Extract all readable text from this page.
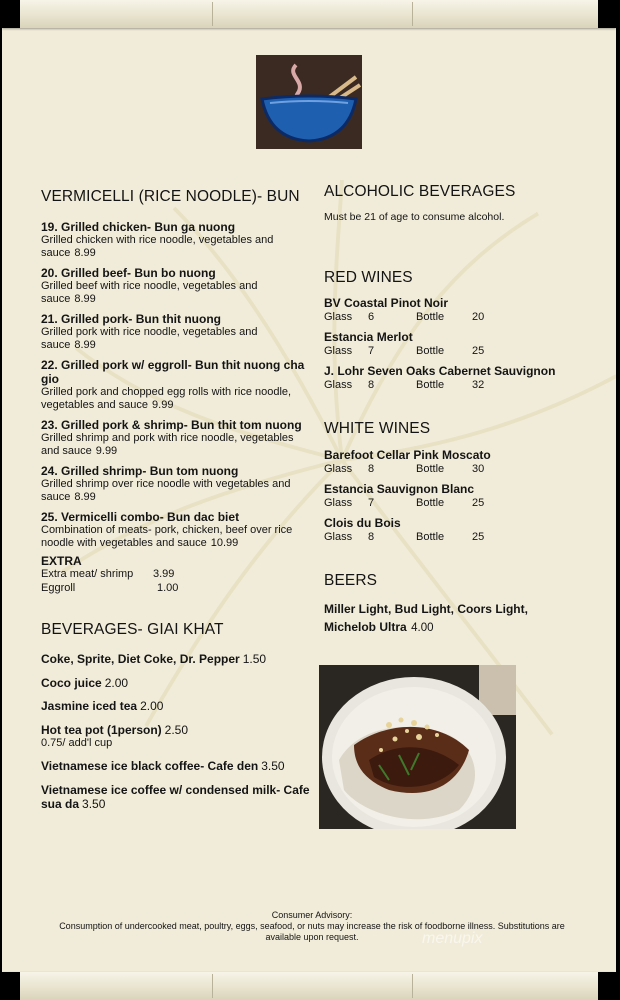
VERMICELLI (RICE NOODLE)- BUN
19. Grilled chicken- Bun ga nuong
Grilled chicken with rice noodle, vegetables and sauce 8.99
20. Grilled beef- Bun bo nuong
Grilled beef with rice noodle, vegetables and sauce 8.99
21. Grilled pork- Bun thit nuong
Grilled pork with rice noodle, vegetables and sauce 8.99
22. Grilled pork w/ eggroll- Bun thit nuong cha gio
Grilled pork and chopped egg rolls with rice noodle, vegetables and sauce 9.99
23. Grilled pork & shrimp- Bun thit tom nuong
Grilled shrimp and pork with rice noodle, vegetables and sauce 9.99
24. Grilled shrimp- Bun tom nuong
Grilled shrimp over rice noodle with vegetables and sauce 8.99
25. Vermicelli combo- Bun dac biet
Combination of meats- pork, chicken, beef over rice noodle with vegetables and sauce 10.99
EXTRA
Extra meat/ shrimp	3.99
Eggroll	1.00
BEVERAGES- GIAI KHAT
Coke, Sprite, Diet Coke, Dr. Pepper 1.50
Coco juice 2.00
Jasmine iced tea 2.00
Hot tea pot (1person) 2.50
0.75/ add'l cup
Vietnamese ice black coffee- Cafe den 3.50
Vietnamese ice coffee w/ condensed milk- Cafe sua da 3.50
ALCOHOLIC BEVERAGES
Must be 21 of age to consume alcohol.
RED WINES
BV Coastal Pinot Noir
Glass	6	Bottle	20
Estancia Merlot
Glass	7	Bottle	25
J. Lohr Seven Oaks Cabernet Sauvignon
Glass	8	Bottle	32
WHITE WINES
Barefoot Cellar Pink Moscato
Glass	8	Bottle	30
Estancia Sauvignon Blanc
Glass	7	Bottle	25
Clois du Bois
Glass	8	Bottle	25
BEERS
Miller Light, Bud Light, Coors Light, Michelob Ultra 4.00
Consumer Advisory:
Consumption of undercooked meat, poultry, eggs, seafood, or nuts may increase the risk of foodborne illness. Substitutions are available upon request.	menupix
